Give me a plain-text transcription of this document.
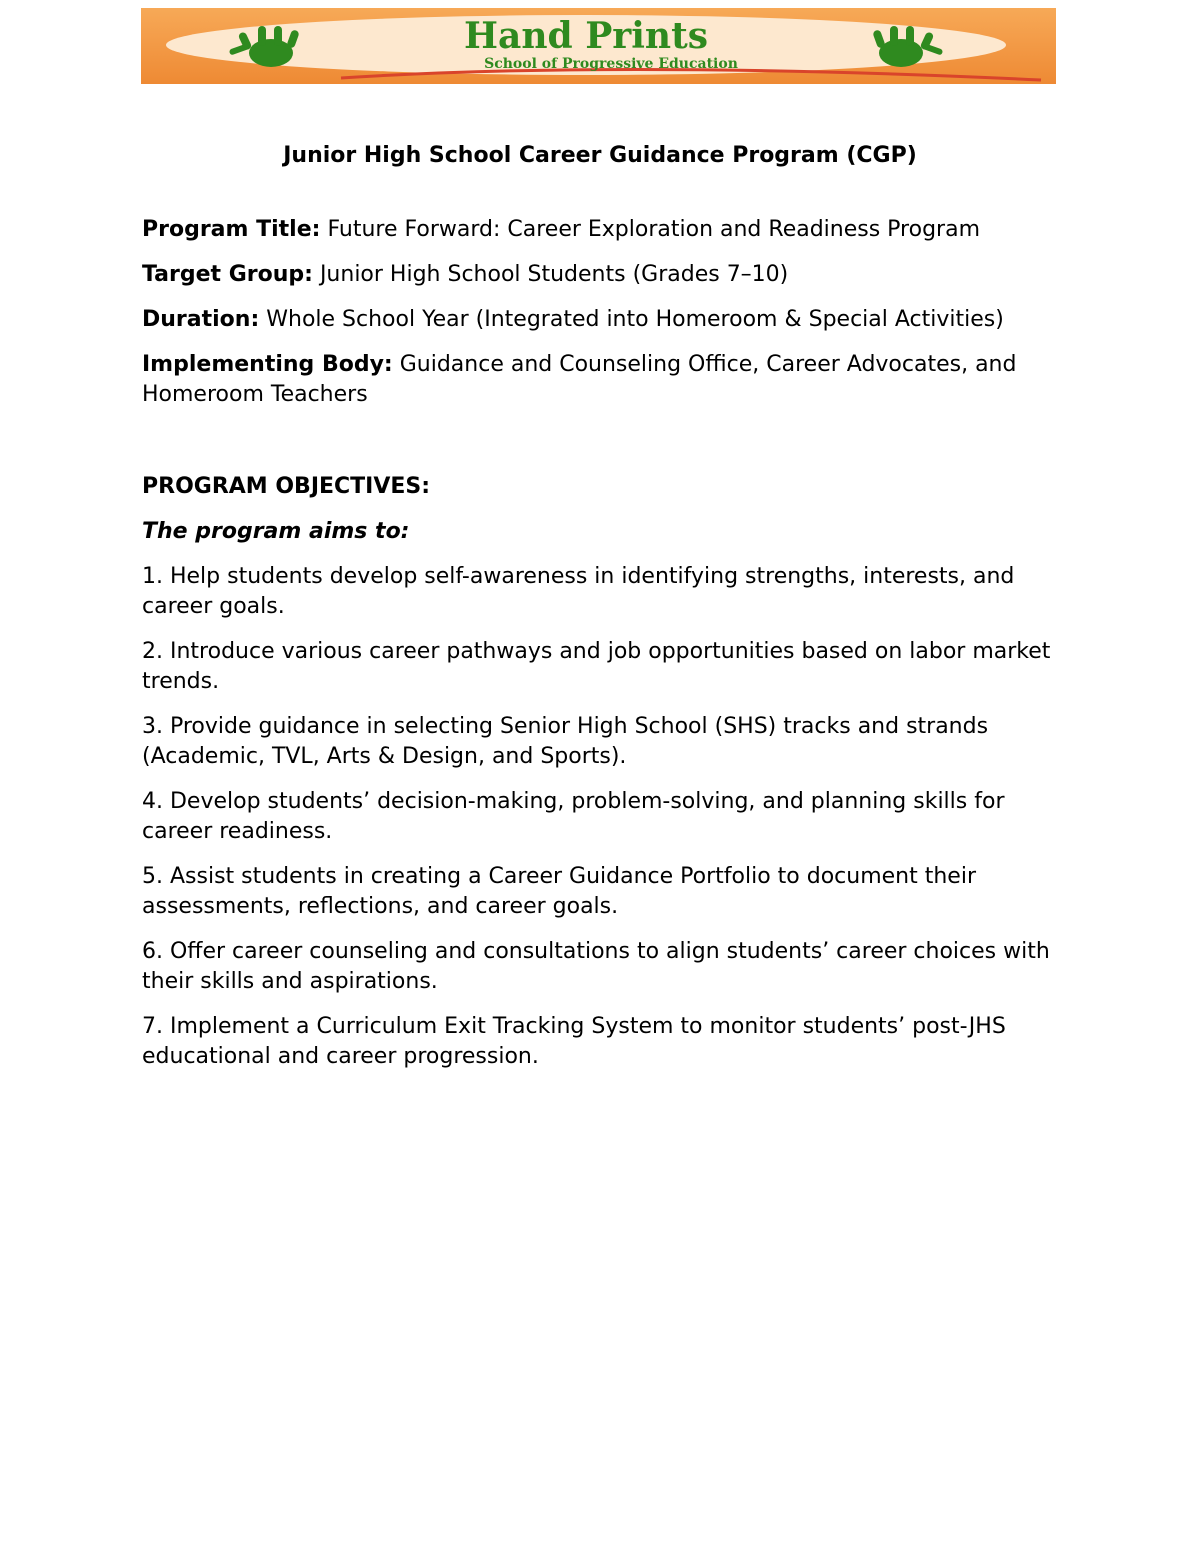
Hand Prints
School of Progressive Education
Junior High School Career Guidance Program (CGP)
Program Title: Future Forward: Career Exploration and Readiness Program
Target Group: Junior High School Students (Grades 7–10)
Duration: Whole School Year (Integrated into Homeroom & Special Activities)
Implementing Body: Guidance and Counseling Office, Career Advocates, and Homeroom Teachers
PROGRAM OBJECTIVES:
The program aims to:
1. Help students develop self-awareness in identifying strengths, interests, and career goals.
2. Introduce various career pathways and job opportunities based on labor market trends.
3. Provide guidance in selecting Senior High School (SHS) tracks and strands (Academic, TVL, Arts & Design, and Sports).
4. Develop students’ decision-making, problem-solving, and planning skills for career readiness.
5. Assist students in creating a Career Guidance Portfolio to document their assessments, reflections, and career goals.
6. Offer career counseling and consultations to align students’ career choices with their skills and aspirations.
7. Implement a Curriculum Exit Tracking System to monitor students’ post-JHS educational and career progression.
